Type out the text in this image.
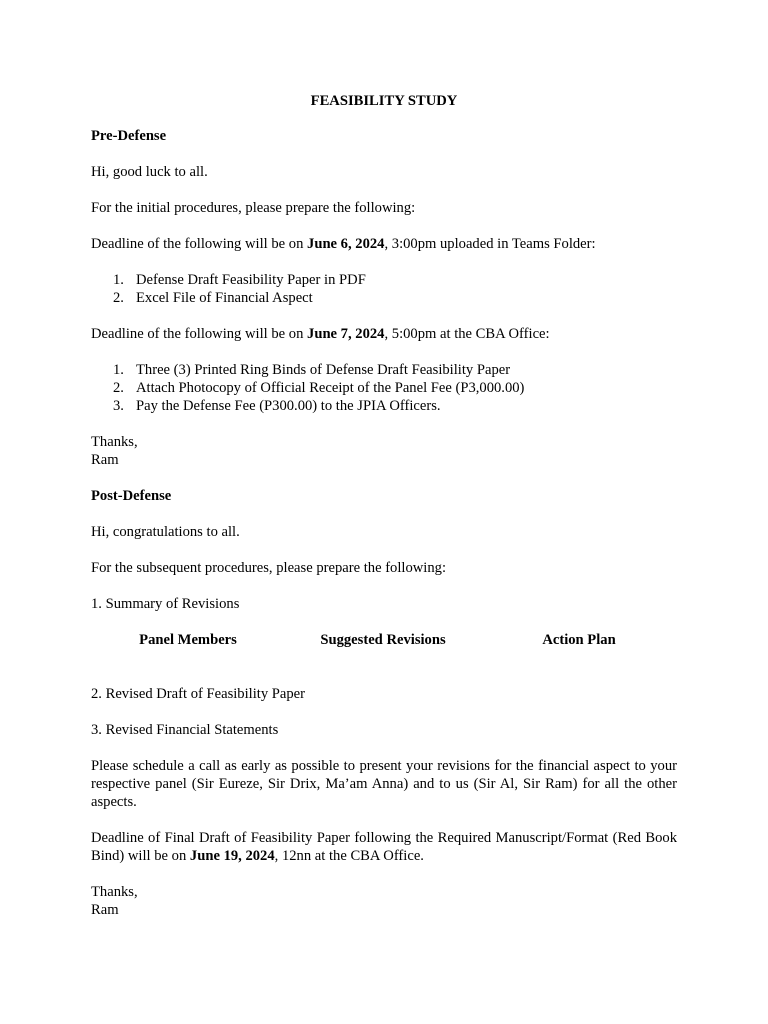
FEASIBILITY STUDY

Pre-Defense

Hi, good luck to all.

For the initial procedures, please prepare the following:

Deadline of the following will be on June 6, 2024, 3:00pm uploaded in Teams Folder:

1. Defense Draft Feasibility Paper in PDF
2. Excel File of Financial Aspect

Deadline of the following will be on June 7, 2024, 5:00pm at the CBA Office:

1. Three (3) Printed Ring Binds of Defense Draft Feasibility Paper
2. Attach Photocopy of Official Receipt of the Panel Fee (P3,000.00)
3. Pay the Defense Fee (P300.00) to the JPIA Officers.

Thanks,

Ram

Post-Defense

Hi, congratulations to all.

For the subsequent procedures, please prepare the following:

1. Summary of Revisions

Panel Members	Suggested Revisions	Action Plan

2. Revised Draft of Feasibility Paper

3. Revised Financial Statements

Please schedule a call as early as possible to present your revisions for the financial aspect to your respective panel (Sir Eureze, Sir Drix, Ma’am Anna) and to us (Sir Al, Sir Ram) for all the other aspects.

Deadline of Final Draft of Feasibility Paper following the Required Manuscript/Format (Red Book Bind) will be on June 19, 2024, 12nn at the CBA Office.

Thanks,

Ram
